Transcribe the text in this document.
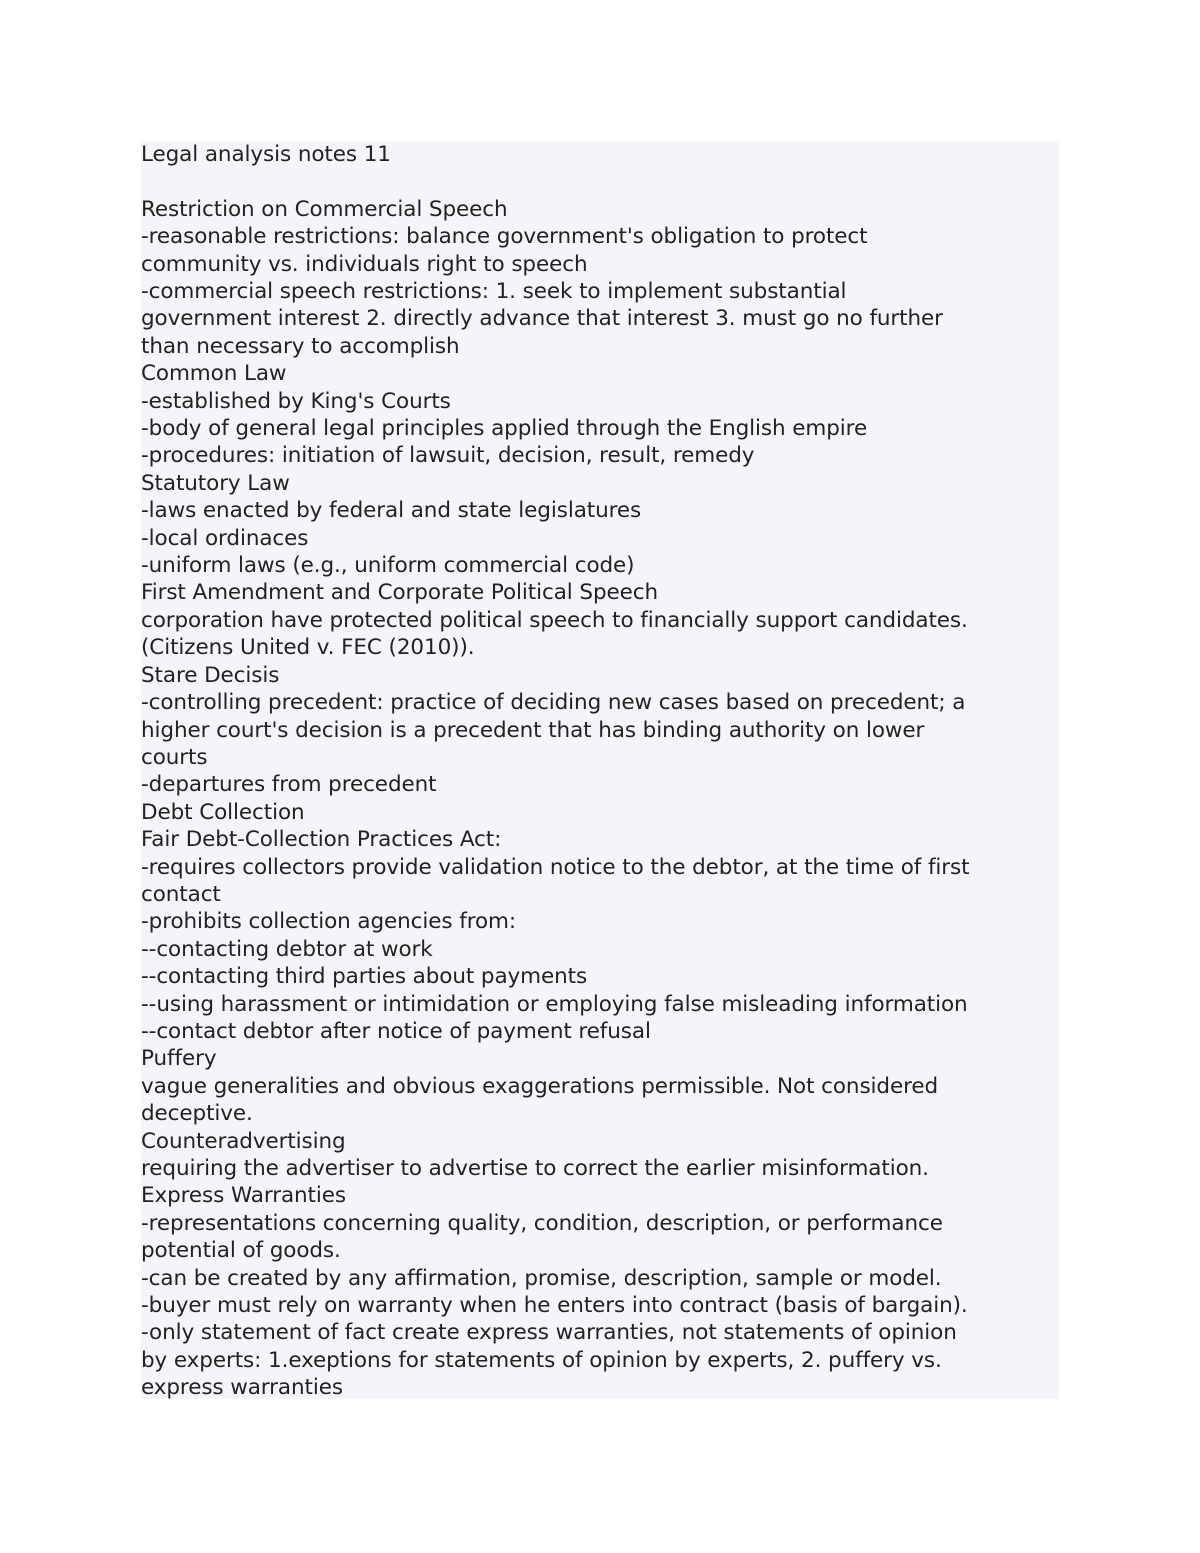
Legal analysis notes 11

Restriction on Commercial Speech

-reasonable restrictions: balance government's obligation to protect

community vs. individuals right to speech

-commercial speech restrictions: 1. seek to implement substantial

government interest 2. directly advance that interest 3. must go no further

than necessary to accomplish

Common Law

-established by King's Courts

-body of general legal principles applied through the English empire

-procedures: initiation of lawsuit, decision, result, remedy

Statutory Law

-laws enacted by federal and state legislatures

-local ordinaces

-uniform laws (e.g., uniform commercial code)

First Amendment and Corporate Political Speech

corporation have protected political speech to financially support candidates.

(Citizens United v. FEC (2010)).

Stare Decisis

-controlling precedent: practice of deciding new cases based on precedent; a

higher court's decision is a precedent that has binding authority on lower

courts

-departures from precedent

Debt Collection

Fair Debt-Collection Practices Act:

-requires collectors provide validation notice to the debtor, at the time of first

contact

-prohibits collection agencies from:

--contacting debtor at work

--contacting third parties about payments

--using harassment or intimidation or employing false misleading information

--contact debtor after notice of payment refusal

Puffery

vague generalities and obvious exaggerations permissible. Not considered

deceptive.

Counteradvertising

requiring the advertiser to advertise to correct the earlier misinformation.

Express Warranties

-representations concerning quality, condition, description, or performance

potential of goods.

-can be created by any affirmation, promise, description, sample or model.

-buyer must rely on warranty when he enters into contract (basis of bargain).

-only statement of fact create express warranties, not statements of opinion

by experts: 1.exeptions for statements of opinion by experts, 2. puffery vs.

express warranties
